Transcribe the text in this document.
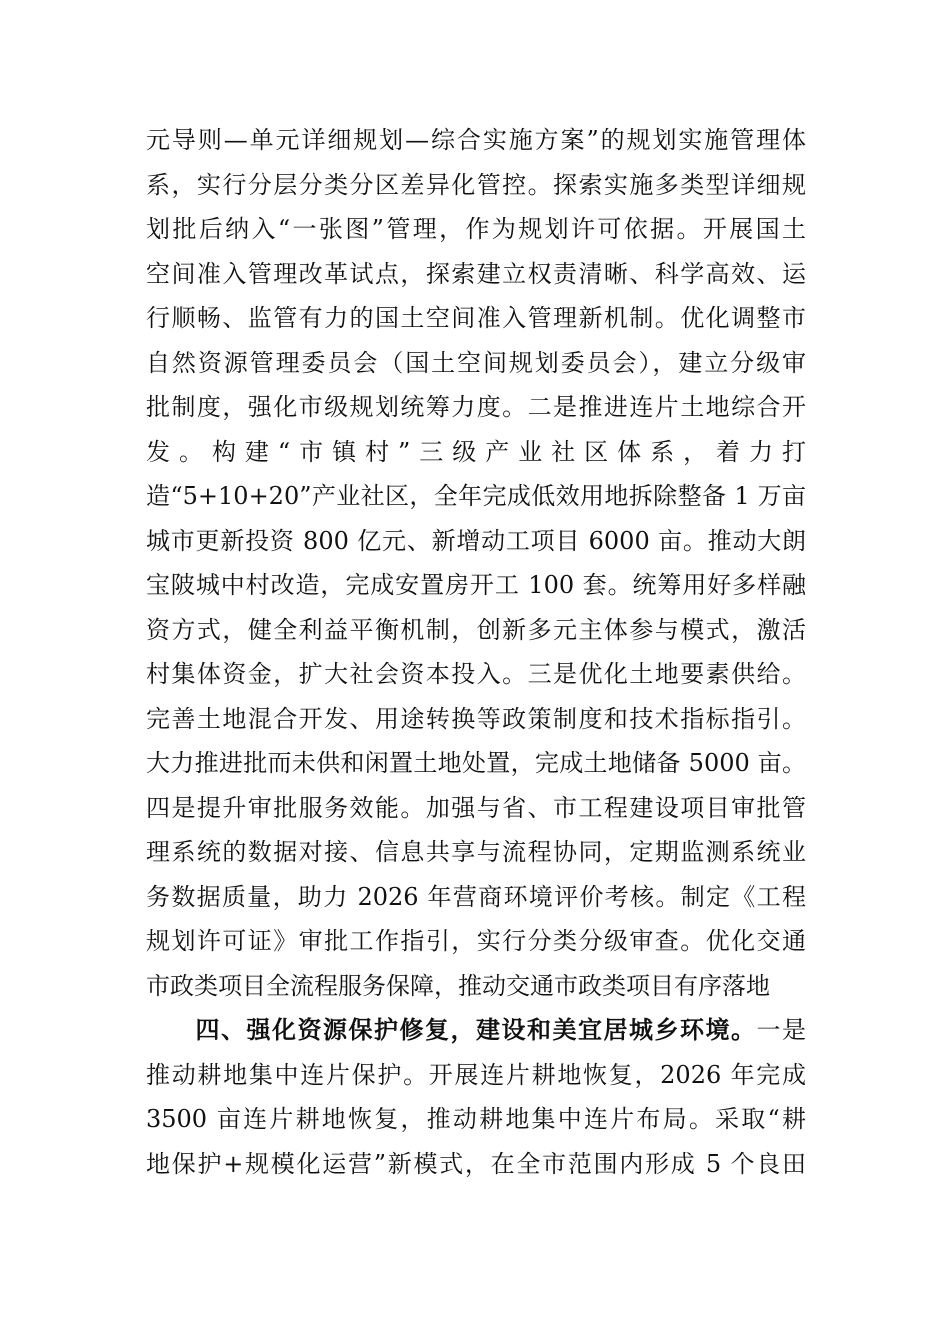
元导则—单元详细规划—综合实施方案”的规划实施管理体
系，实行分层分类分区差异化管控。探索实施多类型详细规
划批后纳入“一张图”管理，作为规划许可依据。开展国土
空间准入管理改革试点，探索建立权责清晰、科学高效、运
行顺畅、监管有力的国土空间准入管理新机制。优化调整市
自然资源管理委员会（国土空间规划委员会），建立分级审
批制度，强化市级规划统筹力度。二是推进连片土地综合开
发。构建“市镇村”三级产业社区体系，着力打
造“5+10+20”产业社区，全年完成低效用地拆除整备 1 万亩
城市更新投资 800 亿元、新增动工项目 6000 亩。推动大朗
宝陂城中村改造，完成安置房开工 100 套。统筹用好多样融
资方式，健全利益平衡机制，创新多元主体参与模式，激活
村集体资金，扩大社会资本投入。三是优化土地要素供给。
完善土地混合开发、用途转换等政策制度和技术指标指引。
大力推进批而未供和闲置土地处置，完成土地储备 5000 亩。
四是提升审批服务效能。加强与省、市工程建设项目审批管
理系统的数据对接、信息共享与流程协同，定期监测系统业
务数据质量，助力 2026 年营商环境评价考核。制定《工程
规划许可证》审批工作指引，实行分类分级审查。优化交通
市政类项目全流程服务保障，推动交通市政类项目有序落地
四、强化资源保护修复，建设和美宜居城乡环境。一是
推动耕地集中连片保护。开展连片耕地恢复，2026 年完成
3500 亩连片耕地恢复，推动耕地集中连片布局。采取“耕
地保护+规模化运营”新模式，在全市范围内形成 5 个良田
